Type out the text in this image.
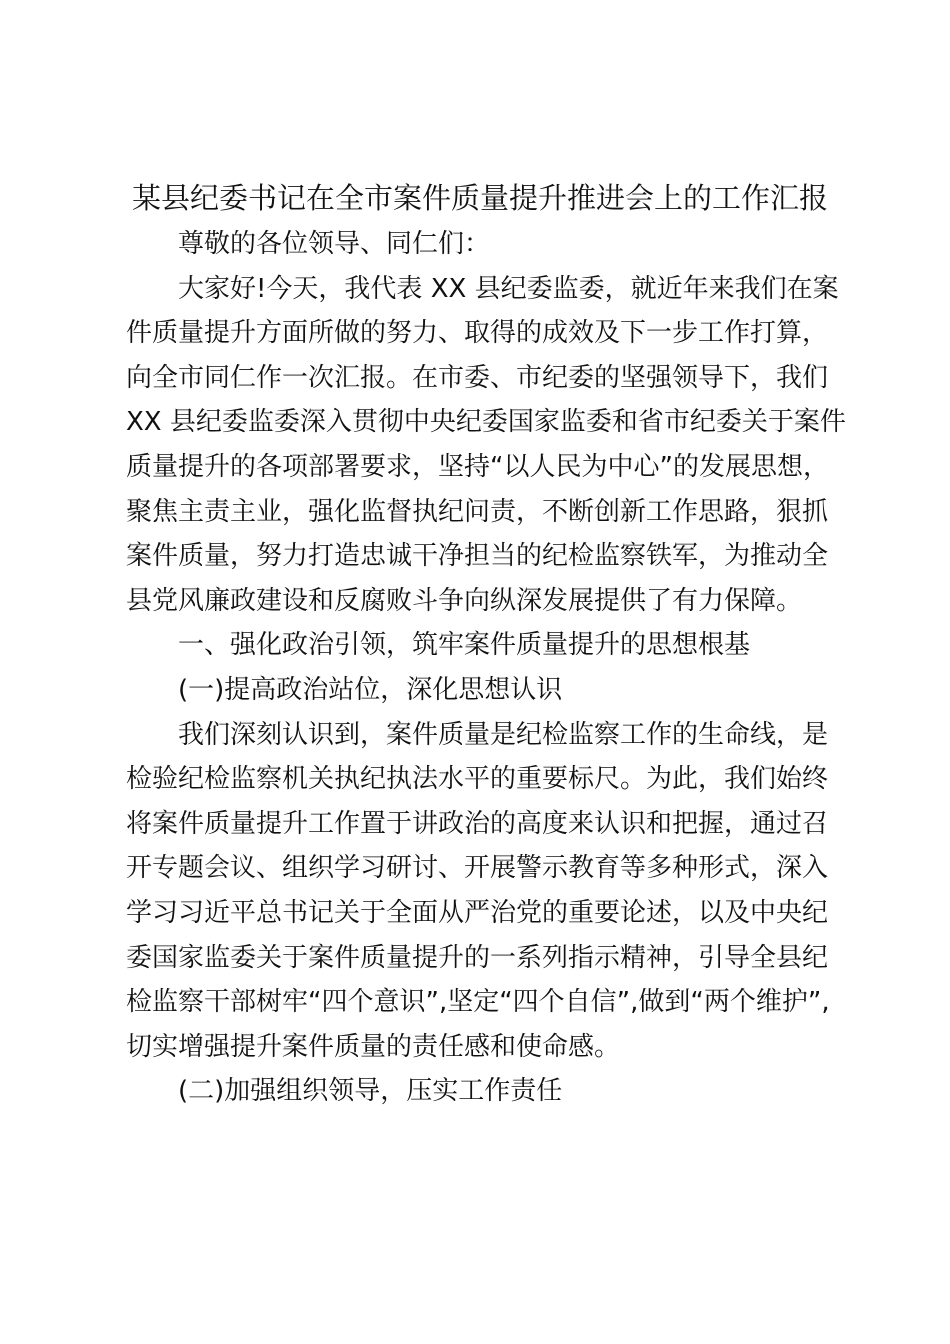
某县纪委书记在全市案件质量提升推进会上的工作汇报
尊敬的各位领导、同仁们：
大家好!今天，我代表 XX 县纪委监委，就近年来我们在案
件质量提升方面所做的努力、取得的成效及下一步工作打算，
向全市同仁作一次汇报。在市委、市纪委的坚强领导下，我们
XX 县纪委监委深入贯彻中央纪委国家监委和省市纪委关于案件
质量提升的各项部署要求，坚持“以人民为中心”的发展思想，
聚焦主责主业，强化监督执纪问责，不断创新工作思路，狠抓
案件质量，努力打造忠诚干净担当的纪检监察铁军，为推动全
县党风廉政建设和反腐败斗争向纵深发展提供了有力保障。
一、强化政治引领，筑牢案件质量提升的思想根基
(一)提高政治站位，深化思想认识
我们深刻认识到，案件质量是纪检监察工作的生命线，是
检验纪检监察机关执纪执法水平的重要标尺。为此，我们始终
将案件质量提升工作置于讲政治的高度来认识和把握，通过召
开专题会议、组织学习研讨、开展警示教育等多种形式，深入
学习习近平总书记关于全面从严治党的重要论述，以及中央纪
委国家监委关于案件质量提升的一系列指示精神，引导全县纪
检监察干部树牢“四个意识”,坚定“四个自信”,做到“两个维护”,
切实增强提升案件质量的责任感和使命感。
(二)加强组织领导，压实工作责任
